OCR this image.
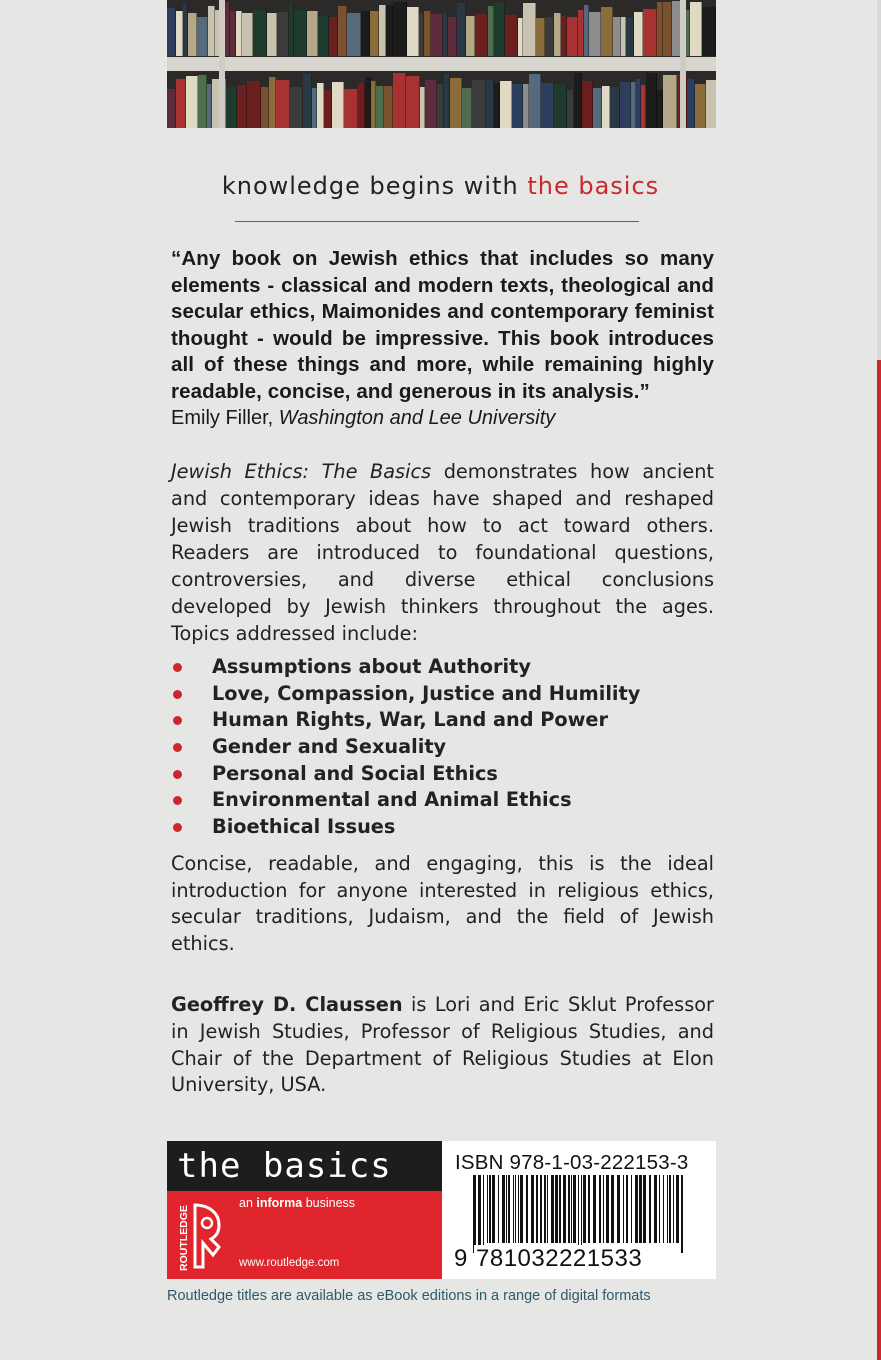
knowledge begins with the basics

“Any book on Jewish ethics that includes so many elements - classical and modern texts, theological and secular ethics, Maimonides and contemporary feminist thought - would be impressive. This book introduces all of these things and more, while remaining highly readable, concise, and generous in its analysis.”

Emily Filler, Washington and Lee University

Jewish Ethics: The Basics demonstrates how ancient and contemporary ideas have shaped and reshaped Jewish traditions about how to act toward others. Readers are introduced to foundational questions, controversies, and diverse ethical conclusions developed by Jewish thinkers throughout the ages. Topics addressed include:

Assumptions about Authority
Love, Compassion, Justice and Humility
Human Rights, War, Land and Power
Gender and Sexuality
Personal and Social Ethics
Environmental and Animal Ethics
Bioethical Issues

Concise, readable, and engaging, this is the ideal introduction for anyone interested in religious ethics, secular traditions, Judaism, and the field of Jewish ethics.

Geoffrey D. Claussen is Lori and Eric Sklut Professor in Jewish Studies, Professor of Religious Studies, and Chair of the Department of Religious Studies at Elon University, USA.

the basics
ROUTLEDGE
an informa business
www.routledge.com
ISBN 978-1-03-222153-3
9 781032221533
Routledge titles are available as eBook editions in a range of digital formats
